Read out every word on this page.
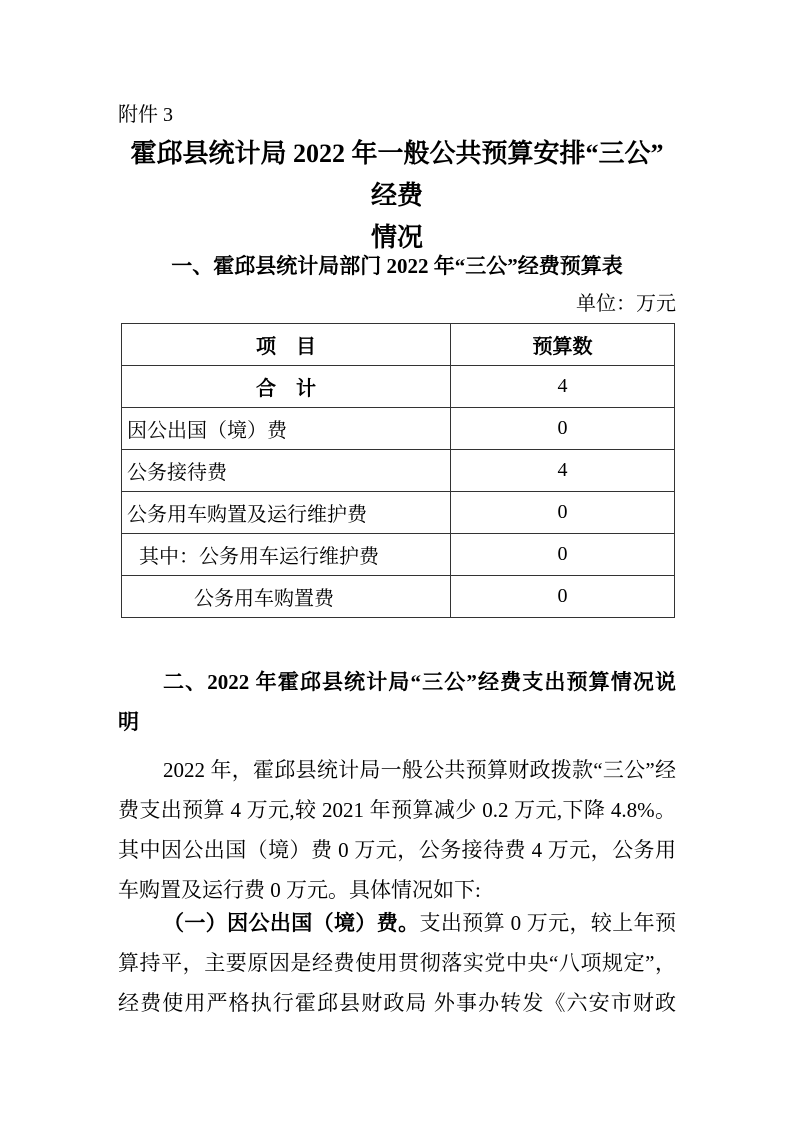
附件 3
霍邱县统计局 2022 年一般公共预算安排“三公”经费
情况
一、霍邱县统计局部门 2022 年“三公”经费预算表
单位：万元
项　目	预算数
合　计	4
因公出国（境）费	0
公务接待费	4
公务用车购置及运行维护费	0
其中：公务用车运行维护费	0
公务用车购置费	0
二、2022 年霍邱县统计局“三公”经费支出预算情况说
明
2022 年，霍邱县统计局一般公共预算财政拨款“三公”经
费支出预算 4 万元,较 2021 年预算减少 0.2 万元,下降 4.8%。
其中因公出国（境）费 0 万元，公务接待费 4 万元，公务用
车购置及运行费 0 万元。具体情况如下:
（一）因公出国（境）费。支出预算 0 万元，较上年预
算持平，主要原因是经费使用贯彻落实党中央“八项规定”，
经费使用严格执行霍邱县财政局 外事办转发《六安市财政
